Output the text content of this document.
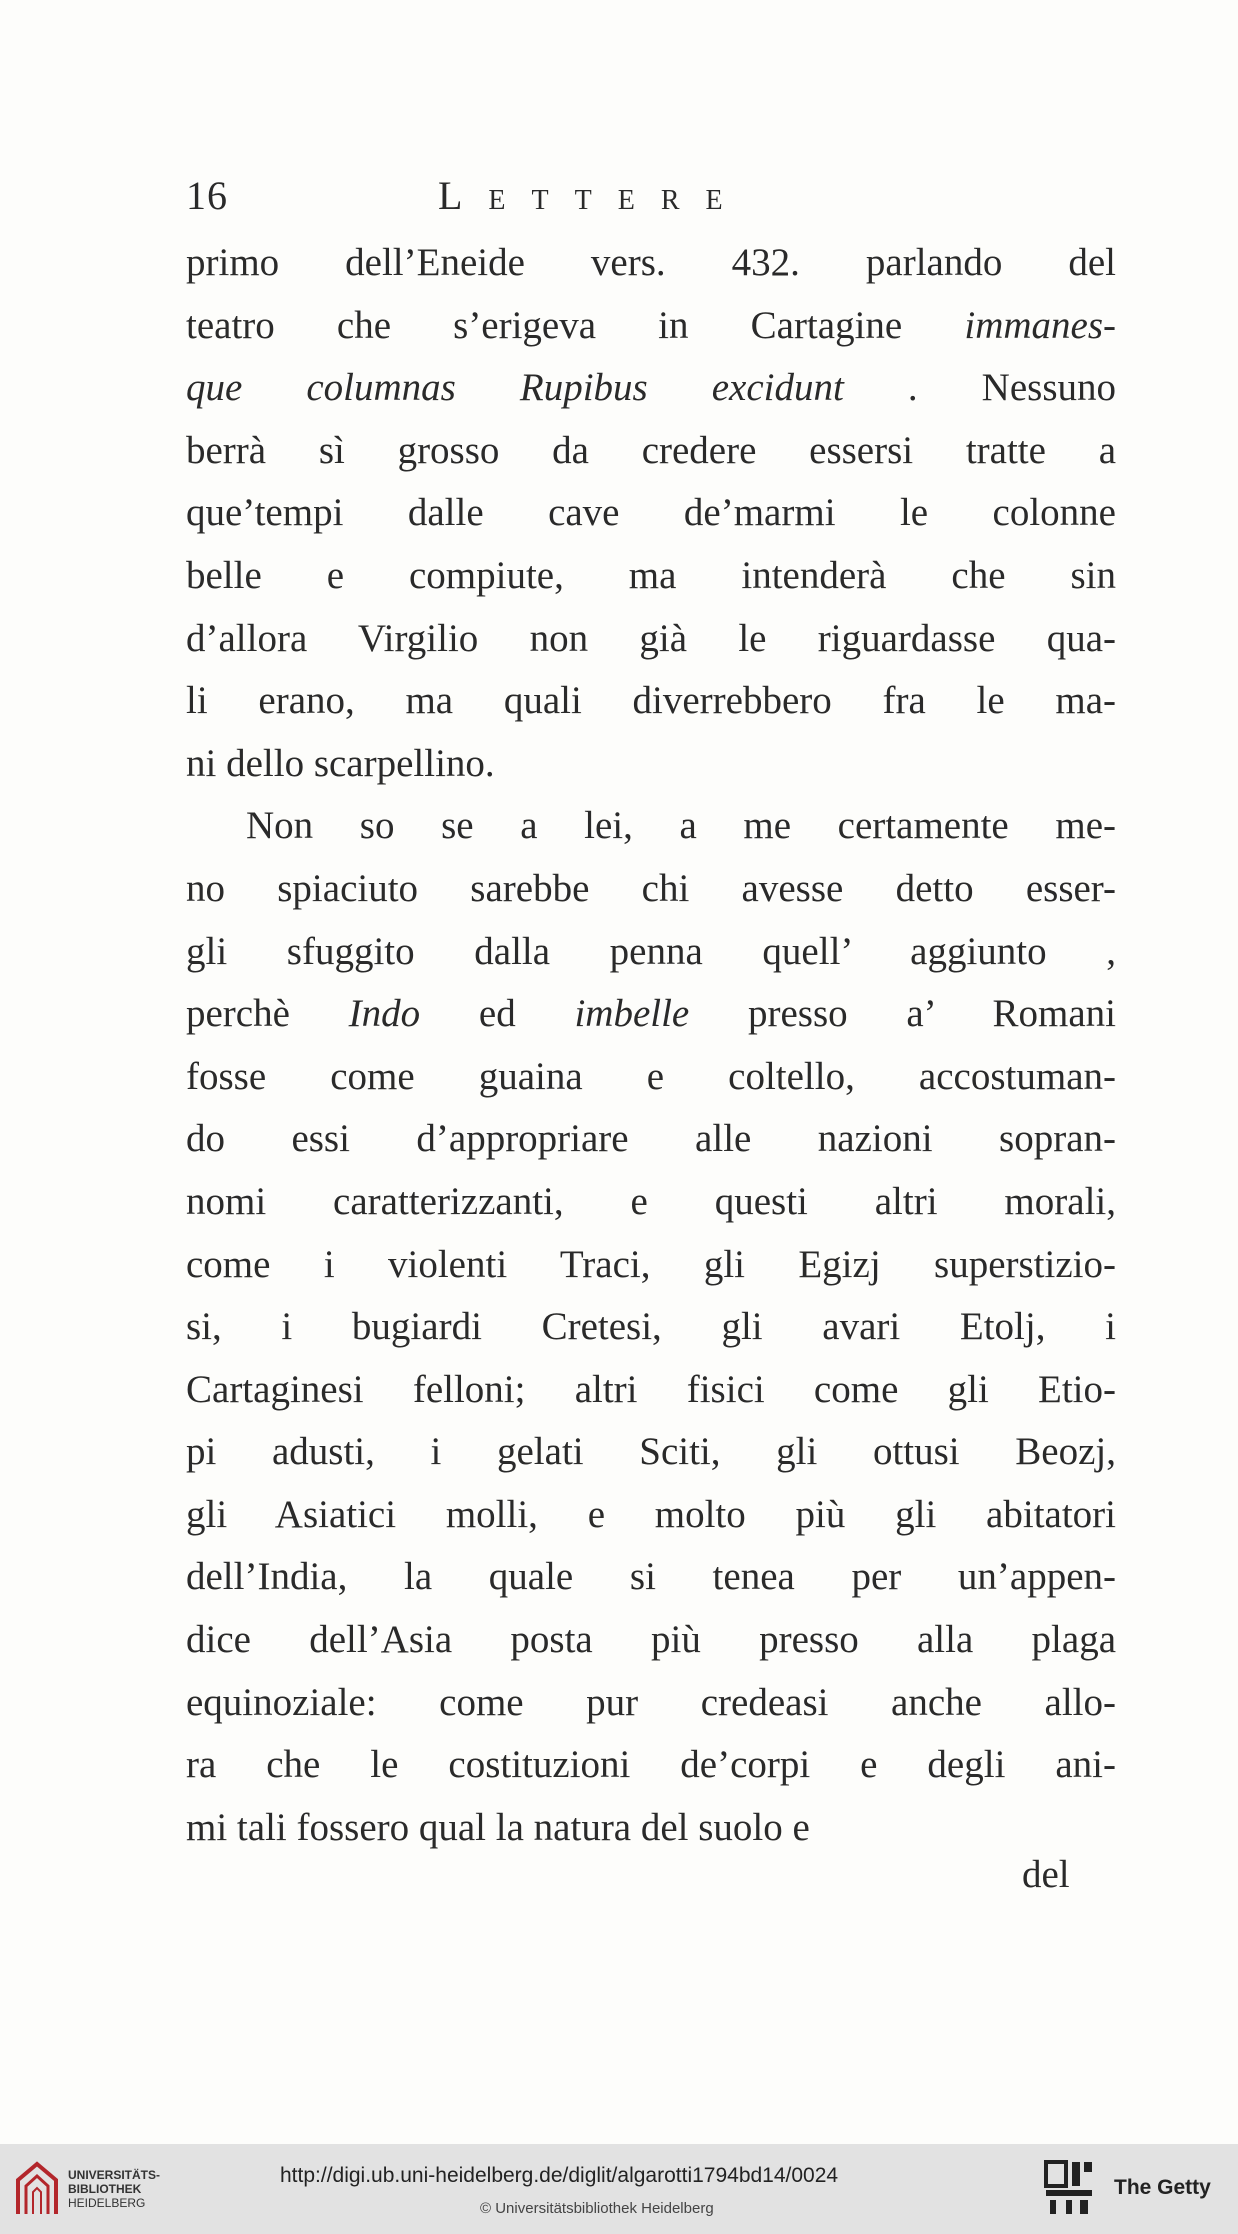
16	Lettere
primo dell’Eneide vers. 432. parlando del
teatro che s’erigeva in Cartagine immanes-
que columnas Rupibus excidunt . Nessuno
berrà sì grosso da credere essersi tratte a
que’tempi dalle cave de’marmi le colonne
belle e compiute, ma intenderà che sin
d’allora Virgilio non già le riguardasse qua-
li erano, ma quali diverrebbero fra le ma-
ni dello scarpellino.
Non so se a lei, a me certamente me-
no spiaciuto sarebbe chi avesse detto esser-
gli sfuggito dalla penna quell’ aggiunto ,
perchè Indo ed imbelle presso a’ Romani
fosse come guaina e coltello, accostuman-
do essi d’appropriare alle nazioni sopran-
nomi caratterizzanti, e questi altri morali,
come i violenti Traci, gli Egizj superstizio-
si, i bugiardi Cretesi, gli avari Etolj, i
Cartaginesi felloni; altri fisici come gli Etio-
pi adusti, i gelati Sciti, gli ottusi Beozj,
gli Asiatici molli, e molto più gli abitatori
dell’India, la quale si tenea per un’appen-
dice dell’Asia posta più presso alla plaga
equinoziale: come pur credeasi anche allo-
ra che le costituzioni de’corpi e degli ani-
mi tali fossero qual la natura del suolo e
del
UNIVERSITÄTS-
BIBLIOTHEK
HEIDELBERG
http://digi.ub.uni-heidelberg.de/diglit/algarotti1794bd14/0024
© Universitätsbibliothek Heidelberg
The Getty
